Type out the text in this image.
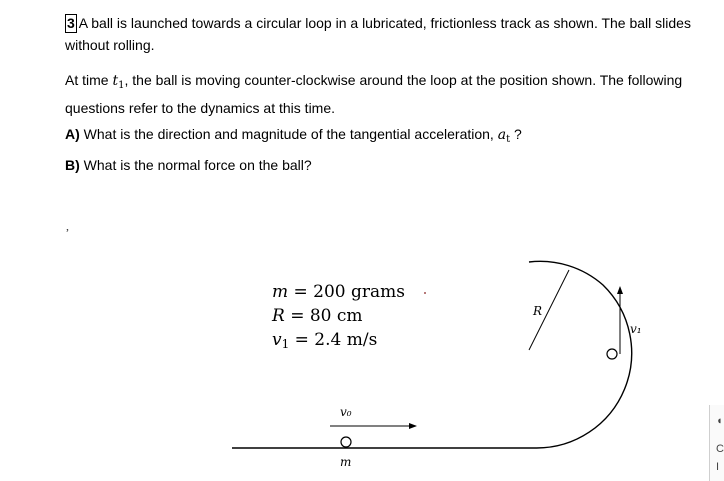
3 A ball is launched towards a circular loop in a lubricated, frictionless track as shown. The ball slides without rolling.

At time $t_1$, the ball is moving counter-clockwise around the loop at the position shown. The following questions refer to the dynamics at this time.

A) What is the direction and magnitude of the tangential acceleration, $a_t$ ?

B) What is the normal force on the ball?

,
R
v₁
v₀
m
m = 200 grams
R = 80 cm
$v_1 = 2.4$ m/s
◖
C
I
